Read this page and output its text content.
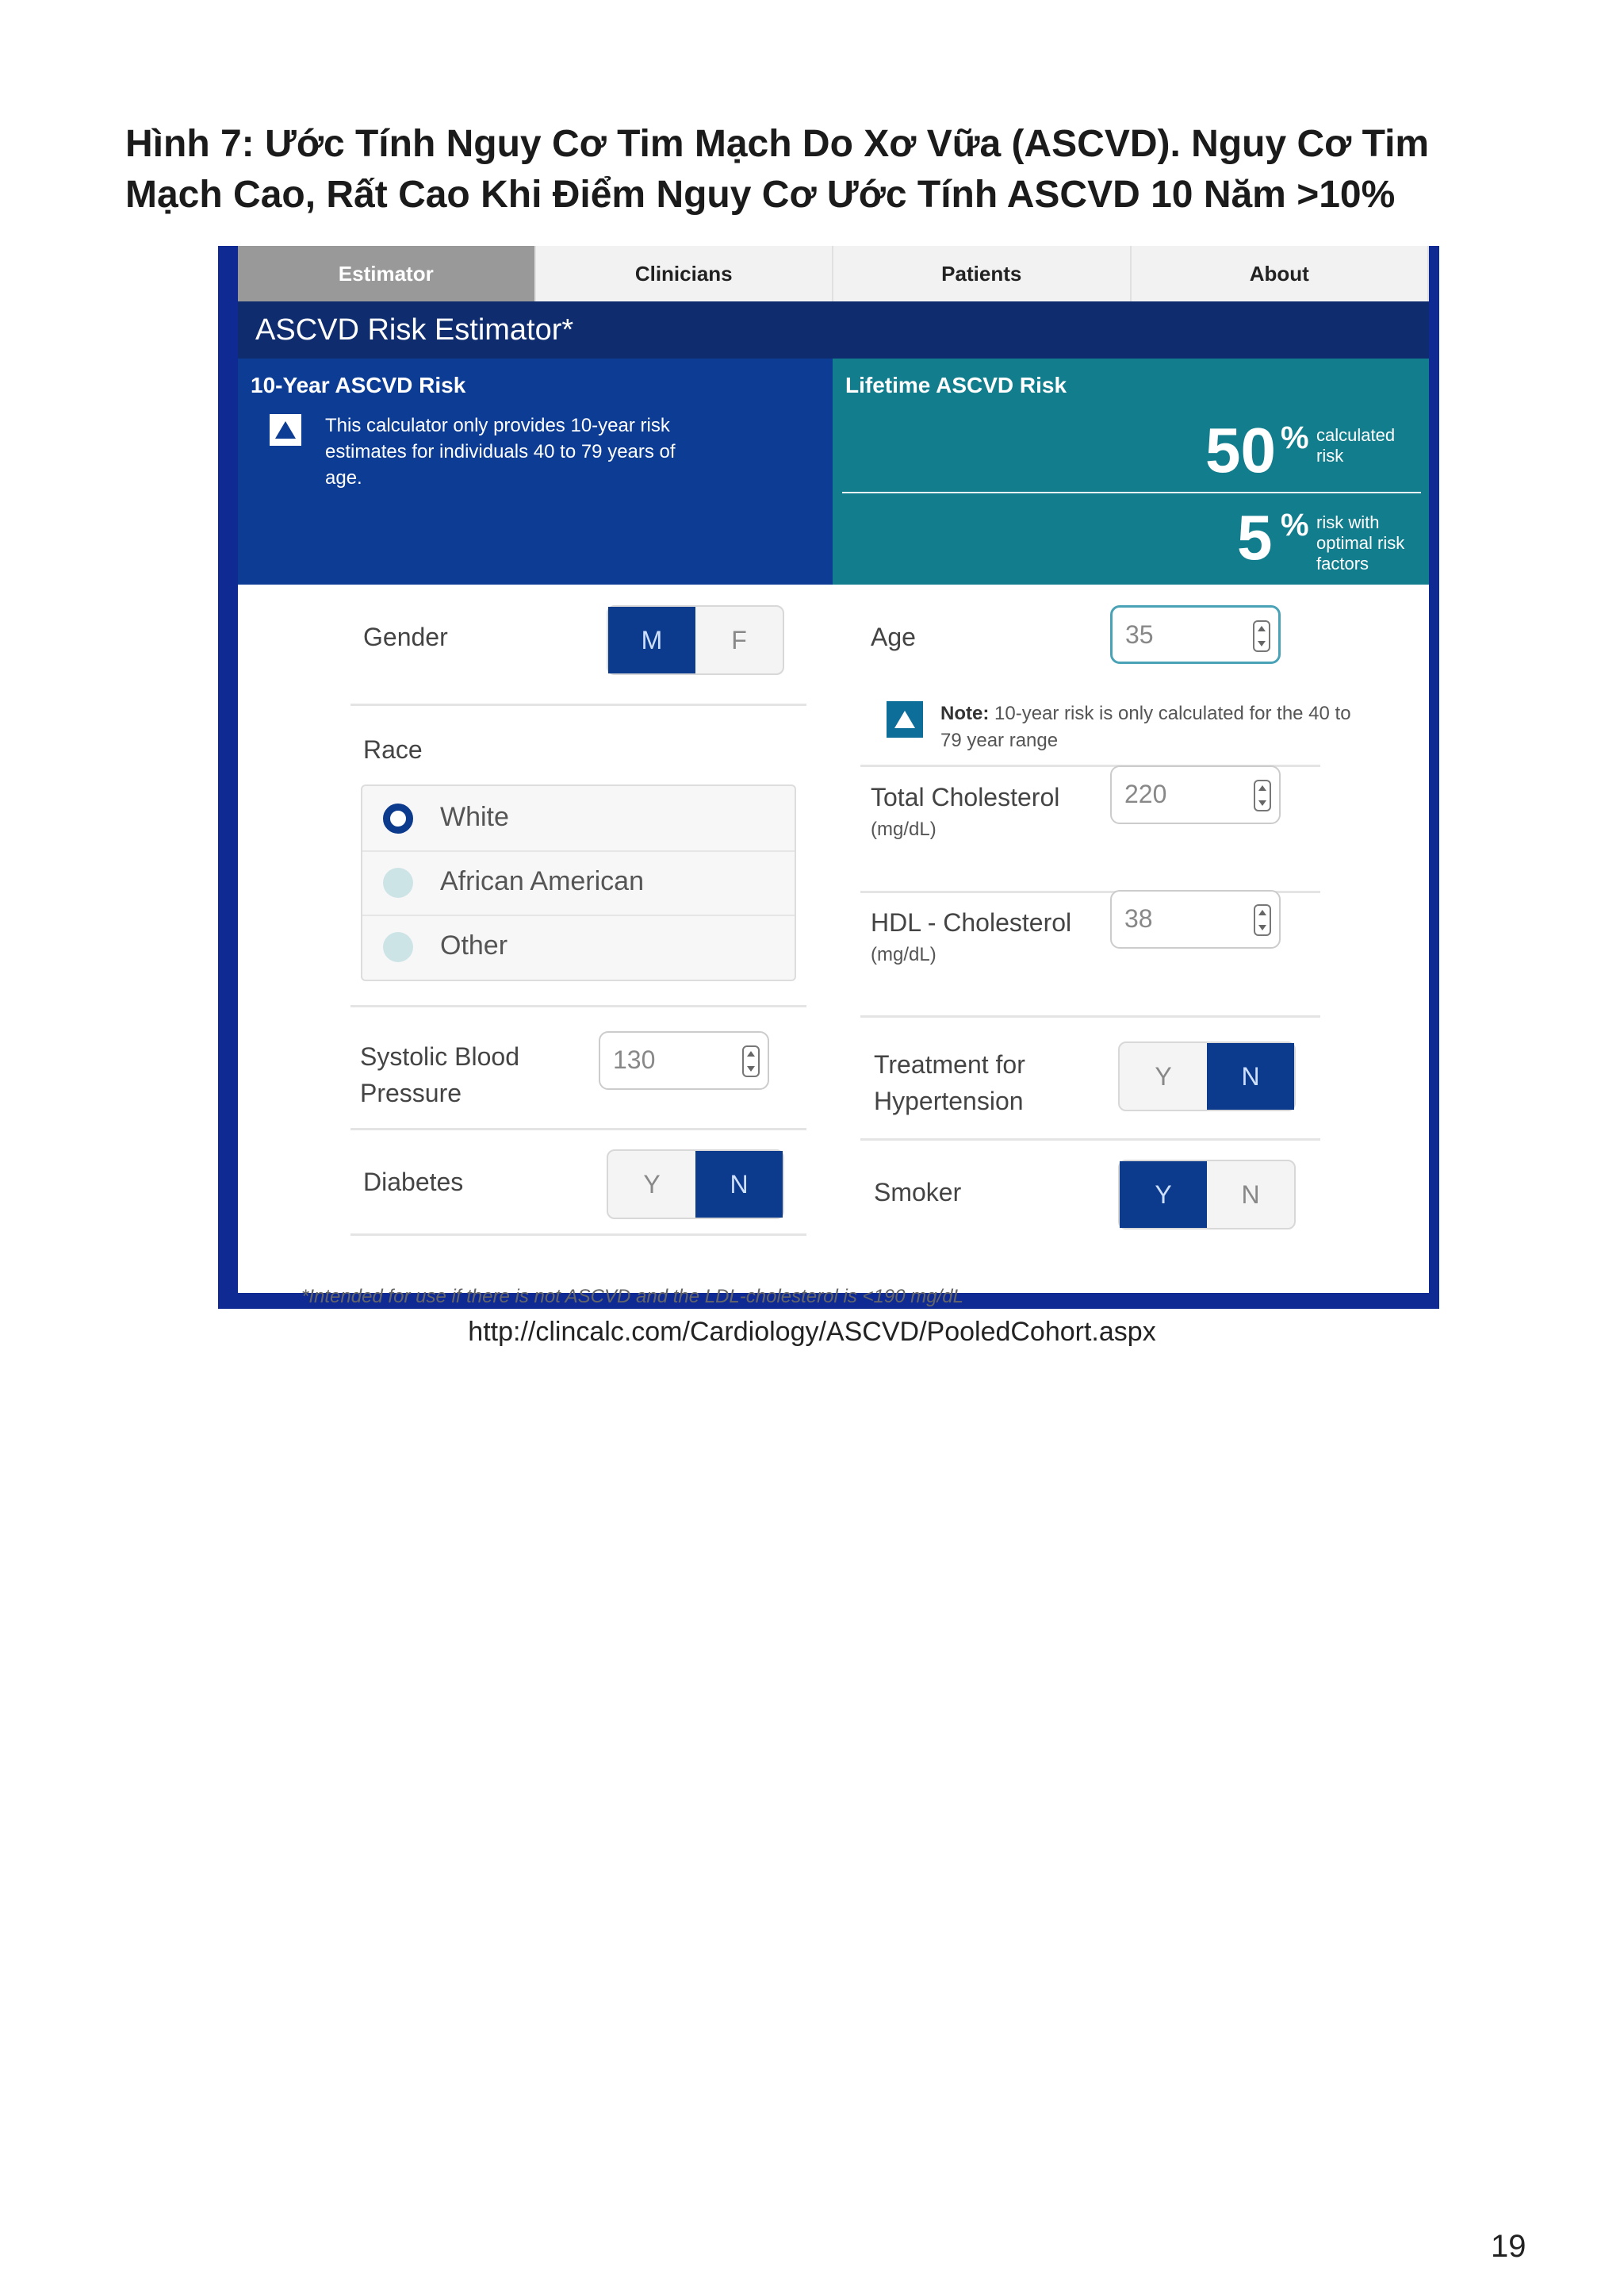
Hình 7: Ước Tính Nguy Cơ Tim Mạch Do Xơ Vữa (ASCVD). Nguy Cơ Tim Mạch Cao, Rất Cao Khi Điểm Nguy Cơ Ước Tính ASCVD 10 Năm >10%
Estimator	Clinicians	Patients	About
ASCVD Risk Estimator*
10-Year ASCVD Risk
This calculator only provides 10-year risk estimates for individuals 40 to 79 years of age.
Lifetime ASCVD Risk
50 % calculated risk
5 % risk with optimal risk factors
Gender	M	F
Race
White
African American
Other
Systolic Blood
Pressure
130
Diabetes	Y	N
Age	35
Note: 10-year risk is only calculated for the 40 to 79 year range
Total Cholesterol
(mg/dL)
220
HDL - Cholesterol
(mg/dL)
38
Treatment for
Hypertension
Y	N
Smoker	Y	N
*Intended for use if there is not ASCVD and the LDL-cholesterol is <190 mg/dL
http://clincalc.com/Cardiology/ASCVD/PooledCohort.aspx
19
